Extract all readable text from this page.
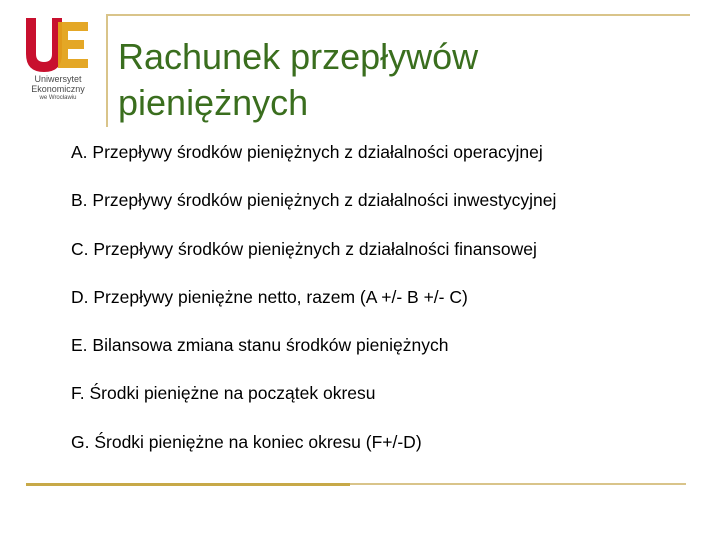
Uniwersytet
Ekonomiczny
we Wrocławiu
Rachunek przepływów
pieniężnych
A. Przepływy środków pieniężnych z działalności operacyjnej
B. Przepływy środków pieniężnych z działalności inwestycyjnej
C. Przepływy środków pieniężnych z działalności finansowej
D. Przepływy pieniężne netto, razem (A +/- B +/- C)
E. Bilansowa zmiana stanu środków pieniężnych
F. Środki pieniężne na początek okresu
G. Środki pieniężne na koniec okresu (F+/-D)
